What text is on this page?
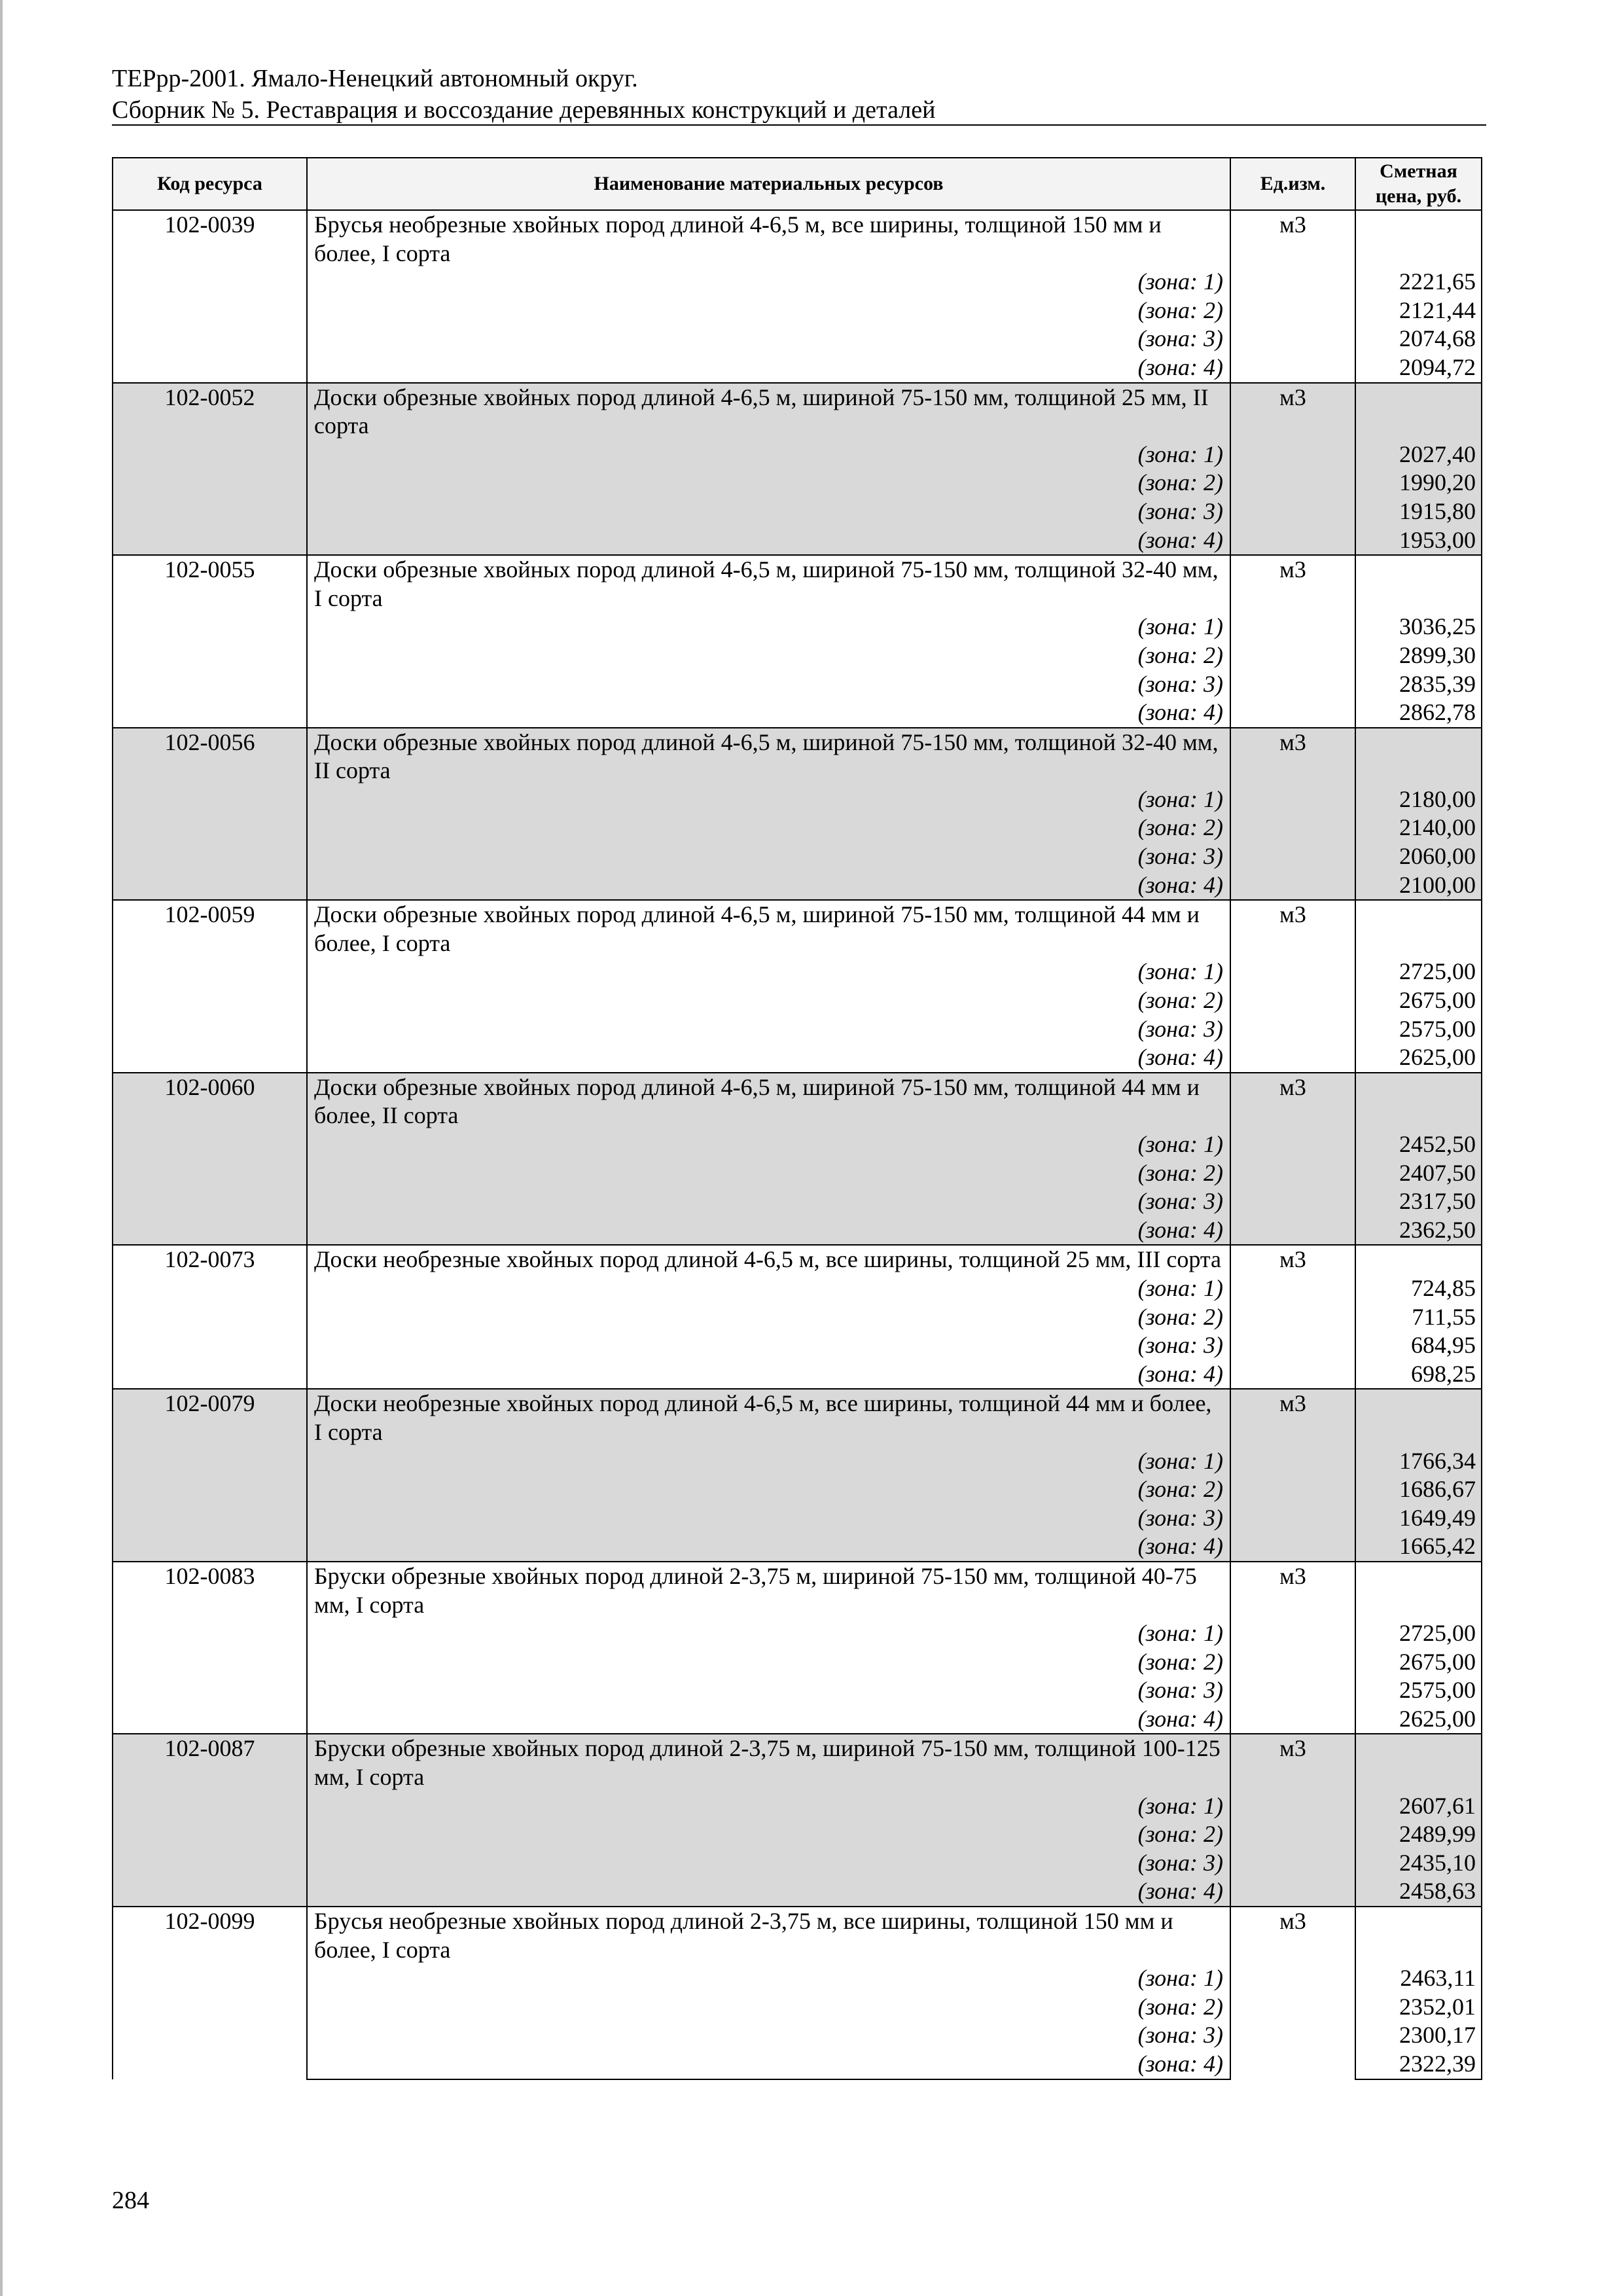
ТЕРрр-2001. Ямало-Ненецкий автономный округ.
Сборник № 5. Реставрация и воссоздание деревянных конструкций и деталей
Код ресурса	Наименование материальных ресурсов	Ед.изм.	Сметная
цена, руб.

102-0039	Брусья необрезные хвойных пород длиной 4-6,5 м, все ширины, толщиной 150 мм и более, I сорта	м3	
	(зона: 1)		2221,65
	(зона: 2)		2121,44
	(зона: 3)		2074,68
	(зона: 4)		2094,72
102-0052	Доски обрезные хвойных пород длиной 4-6,5 м, шириной 75-150 мм, толщиной 25 мм, II сорта	м3	
	(зона: 1)		2027,40
	(зона: 2)		1990,20
	(зона: 3)		1915,80
	(зона: 4)		1953,00
102-0055	Доски обрезные хвойных пород длиной 4-6,5 м, шириной 75-150 мм, толщиной 32-40 мм, I сорта	м3	
	(зона: 1)		3036,25
	(зона: 2)		2899,30
	(зона: 3)		2835,39
	(зона: 4)		2862,78
102-0056	Доски обрезные хвойных пород длиной 4-6,5 м, шириной 75-150 мм, толщиной 32-40 мм, II сорта	м3	
	(зона: 1)		2180,00
	(зона: 2)		2140,00
	(зона: 3)		2060,00
	(зона: 4)		2100,00
102-0059	Доски обрезные хвойных пород длиной 4-6,5 м, шириной 75-150 мм, толщиной 44 мм и более, I сорта	м3	
	(зона: 1)		2725,00
	(зона: 2)		2675,00
	(зона: 3)		2575,00
	(зона: 4)		2625,00
102-0060	Доски обрезные хвойных пород длиной 4-6,5 м, шириной 75-150 мм, толщиной 44 мм и более, II сорта	м3	
	(зона: 1)		2452,50
	(зона: 2)		2407,50
	(зона: 3)		2317,50
	(зона: 4)		2362,50
102-0073	Доски необрезные хвойных пород длиной 4-6,5 м, все ширины, толщиной 25 мм, III сорта	м3	
	(зона: 1)		724,85
	(зона: 2)		711,55
	(зона: 3)		684,95
	(зона: 4)		698,25
102-0079	Доски необрезные хвойных пород длиной 4-6,5 м, все ширины, толщиной 44 мм и более, I сорта	м3	
	(зона: 1)		1766,34
	(зона: 2)		1686,67
	(зона: 3)		1649,49
	(зона: 4)		1665,42
102-0083	Бруски обрезные хвойных пород длиной 2-3,75 м, шириной 75-150 мм, толщиной 40-75 мм, I сорта	м3	
	(зона: 1)		2725,00
	(зона: 2)		2675,00
	(зона: 3)		2575,00
	(зона: 4)		2625,00
102-0087	Бруски обрезные хвойных пород длиной 2-3,75 м, шириной 75-150 мм, толщиной 100-125 мм, I сорта	м3	
	(зона: 1)		2607,61
	(зона: 2)		2489,99
	(зона: 3)		2435,10
	(зона: 4)		2458,63
102-0099	Брусья необрезные хвойных пород длиной 2-3,75 м, все ширины, толщиной 150 мм и более, I сорта	м3	
	(зона: 1)		2463,11
	(зона: 2)		2352,01
	(зона: 3)		2300,17
	(зона: 4)		2322,39
284
